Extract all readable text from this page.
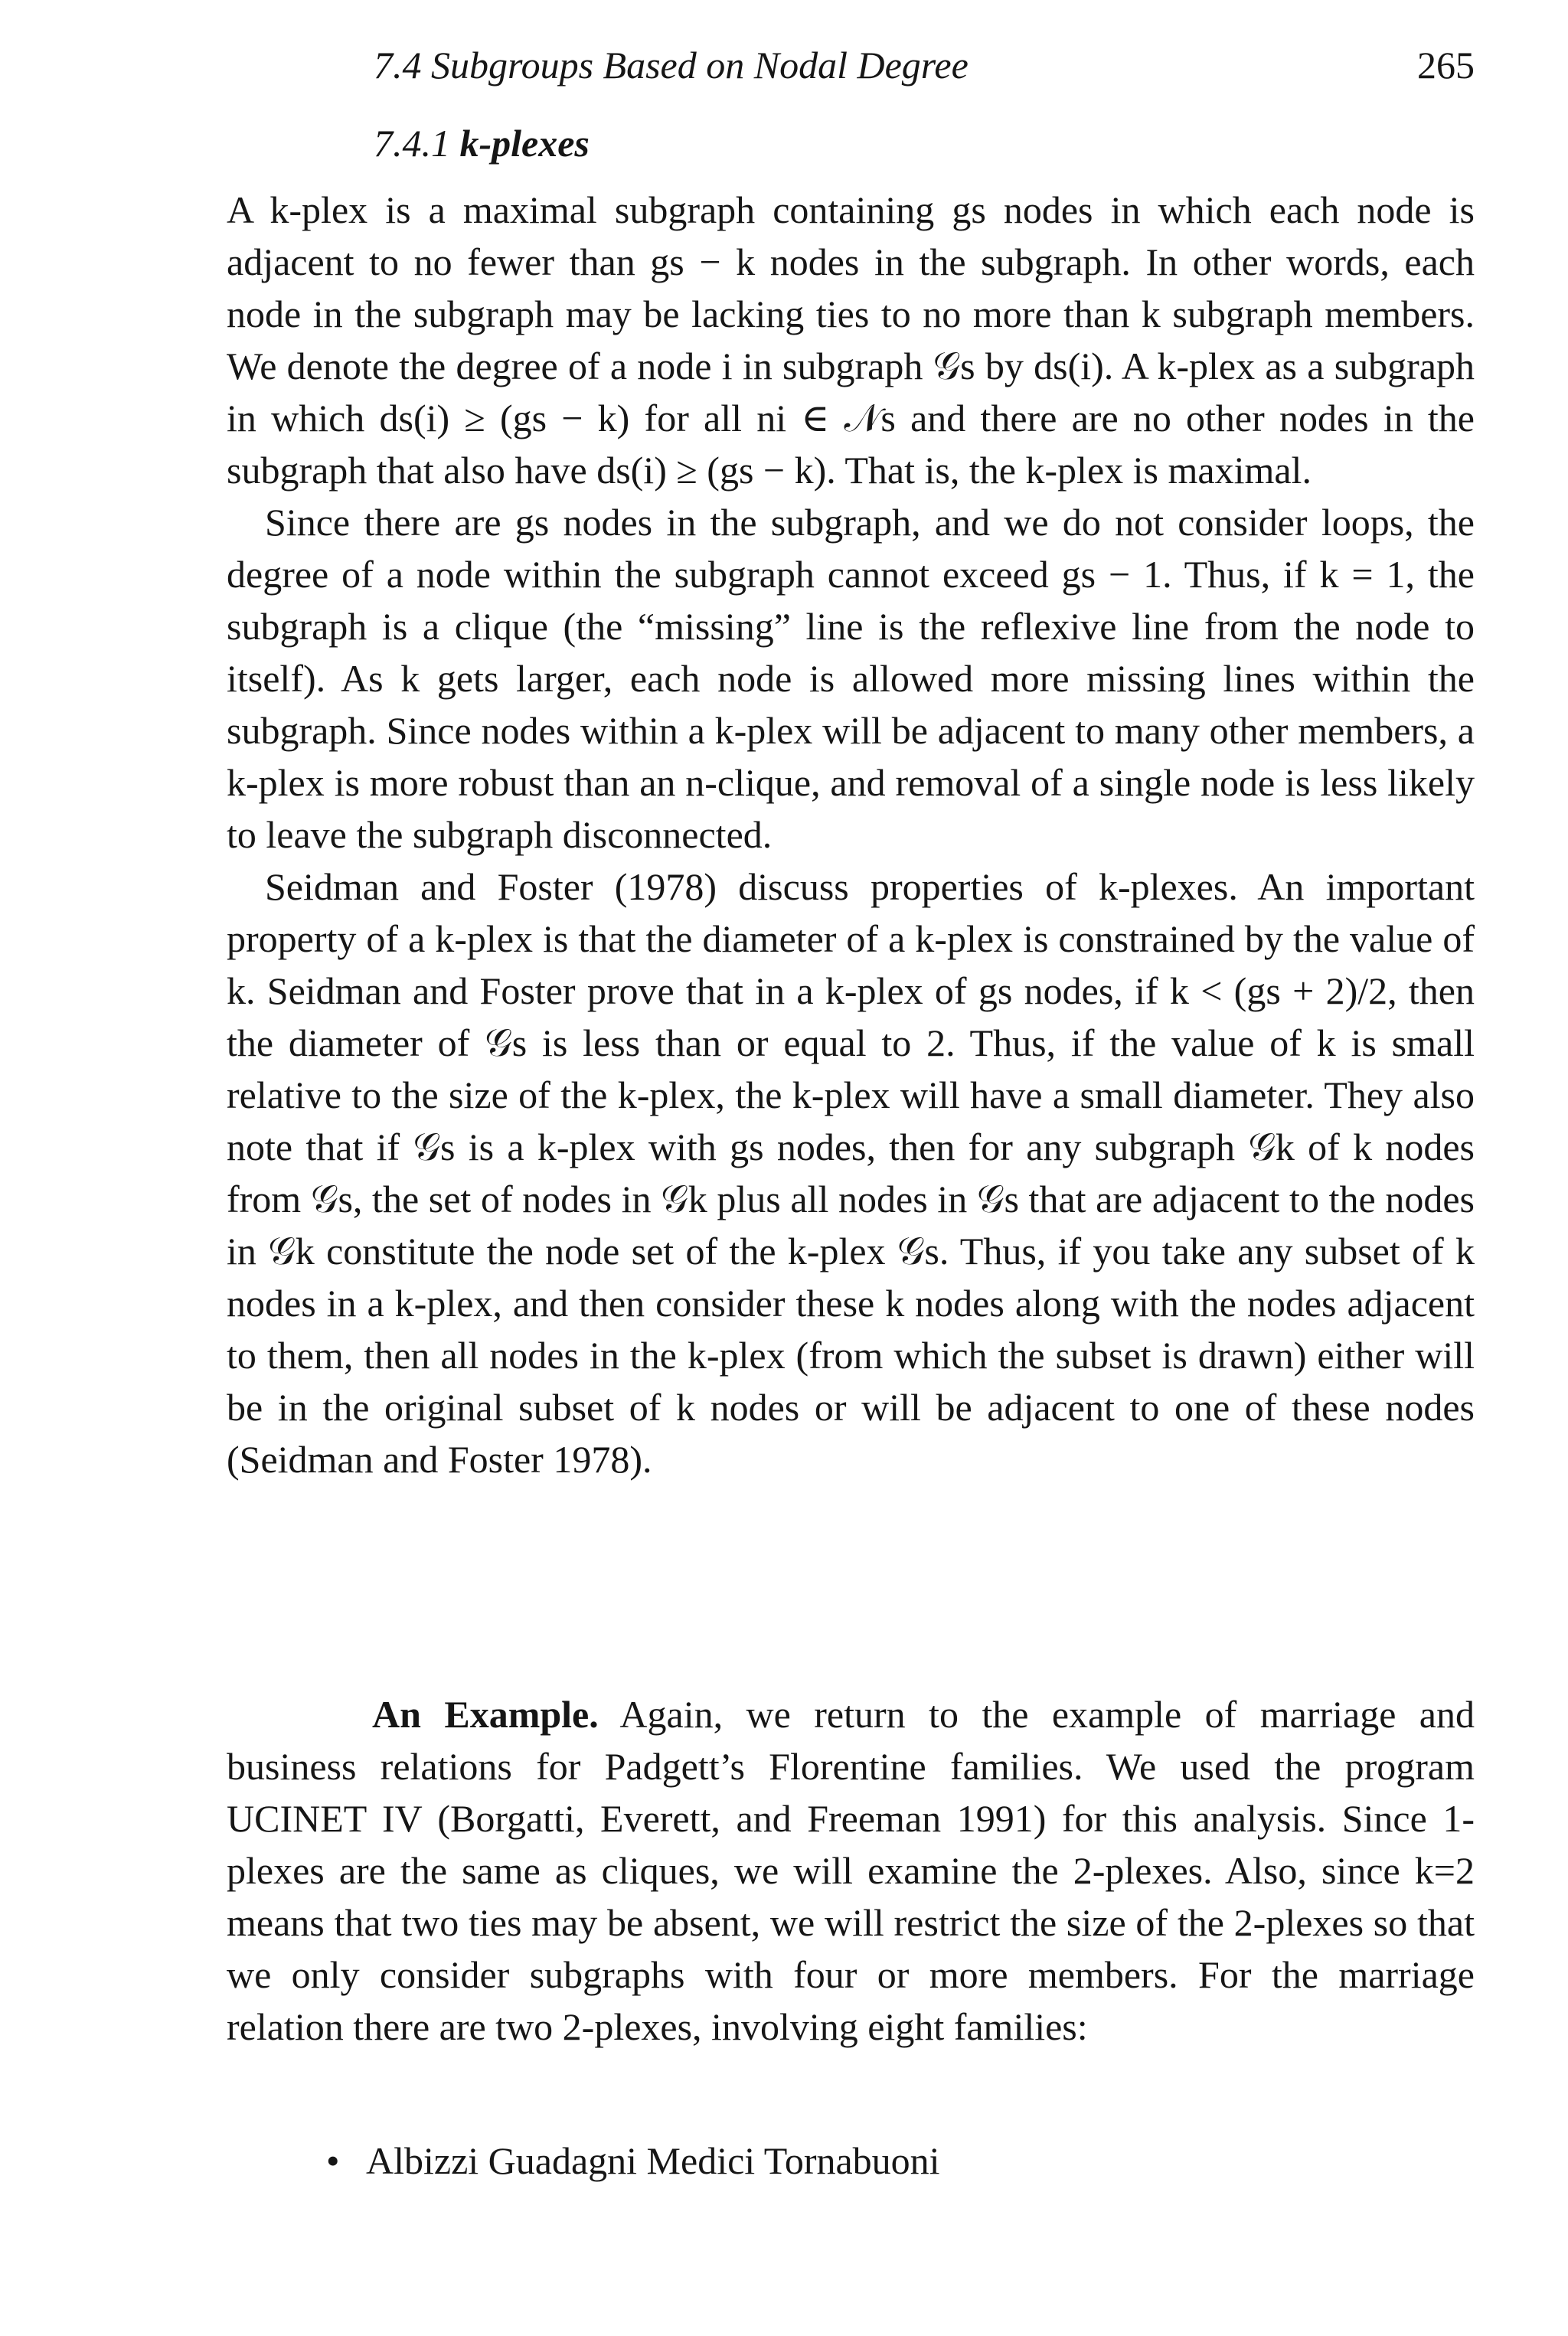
7.4 Subgroups Based on Nodal Degree	265
7.4.1 k-plexes

A k-plex is a maximal subgraph containing gs nodes in which each node is adjacent to no fewer than gs − k nodes in the subgraph. In other words, each node in the subgraph may be lacking ties to no more than k subgraph members. We denote the degree of a node i in subgraph 𝒢s by ds(i). A k-plex as a subgraph in which ds(i) ≥ (gs − k) for all ni ∈ 𝒩s and there are no other nodes in the subgraph that also have ds(i) ≥ (gs − k). That is, the k-plex is maximal.

Since there are gs nodes in the subgraph, and we do not consider loops, the degree of a node within the subgraph cannot exceed gs − 1. Thus, if k = 1, the subgraph is a clique (the “missing” line is the reflexive line from the node to itself). As k gets larger, each node is allowed more missing lines within the subgraph. Since nodes within a k-plex will be adjacent to many other members, a k-plex is more robust than an n-clique, and removal of a single node is less likely to leave the subgraph disconnected.

Seidman and Foster (1978) discuss properties of k-plexes. An important property of a k-plex is that the diameter of a k-plex is constrained by the value of k. Seidman and Foster prove that in a k-plex of gs nodes, if k < (gs + 2)/2, then the diameter of 𝒢s is less than or equal to 2. Thus, if the value of k is small relative to the size of the k-plex, the k-plex will have a small diameter. They also note that if 𝒢s is a k-plex with gs nodes, then for any subgraph 𝒢k of k nodes from 𝒢s, the set of nodes in 𝒢k plus all nodes in 𝒢s that are adjacent to the nodes in 𝒢k constitute the node set of the k-plex 𝒢s. Thus, if you take any subset of k nodes in a k-plex, and then consider these k nodes along with the nodes adjacent to them, then all nodes in the k-plex (from which the subset is drawn) either will be in the original subset of k nodes or will be adjacent to one of these nodes (Seidman and Foster 1978).

An Example. Again, we return to the example of marriage and business relations for Padgett’s Florentine families. We used the program UCINET IV (Borgatti, Everett, and Freeman 1991) for this analysis. Since 1-plexes are the same as cliques, we will examine the 2-plexes. Also, since k=2 means that two ties may be absent, we will restrict the size of the 2-plexes so that we only consider subgraphs with four or more members. For the marriage relation there are two 2-plexes, involving eight families:

• Albizzi Guadagni Medici Tornabuoni
